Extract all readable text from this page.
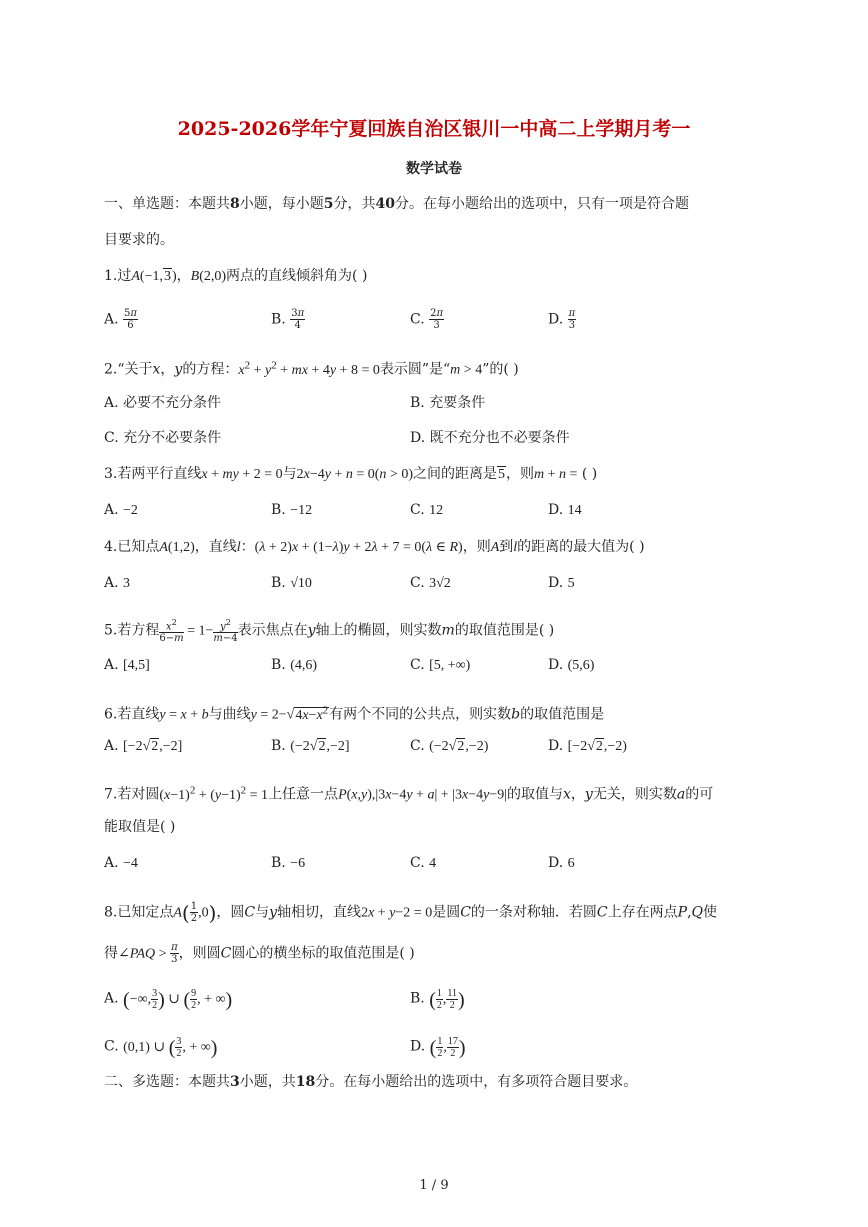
2025-2026学年宁夏回族自治区银川一中高二上学期月考一
数学试卷
一、单选题：本题共8小题，每小题5分，共40分。在每小题给出的选项中，只有一项是符合题
目要求的。
1.过A(−1,3)，B(2,0)两点的直线倾斜角为( )
A. $\frac{5\pi}{6}$	B. $\frac{3\pi}{4}$	C. $\frac{2\pi}{3}$	D. $\frac{\pi}{3}$
2.“关于x，y的方程：$x^2 + y^2$ + mx + 4y + 8 = 0表示圆”是“m > 4”的( )
A. 必要不充分条件	B. 充要条件
C. 充分不必要条件	D. 既不充分也不必要条件
3.若两平行直线x + my + 2 = 0与2x−4y + n = 0(n > 0)之间的距离是5，则m + n = ( )
A. −2	B. −12	C. 12	D. 14
4.已知点A(1,2)，直线l：(λ + 2)x + (1−λ)y + 2λ + 7 = 0(λ ∈ R)，则A到l的距离的最大值为( )
A. 3	B. √10	C. 3√2	D. 5
5.若方程 $\frac{x^2}{6-m} = 1- \frac{y^2}{m-4}$ 表示焦点在y轴上的椭圆，则实数m的取值范围是( )
A. [4,5]	B. (4,6)	C. [5, +∞)	D. (5,6)
6.若直线y = x + b与曲线$y = 2-√4x-x^2$有两个不同的公共点，则实数b的取值范围是
A. [−2√2,−2]	B. (−2√2,−2]	C. (−2√2,−2)	D. [−2√2,−2)
7.若对圆$(x-1)^2 + (y-1)^2 = 1$上任意一点P(x,y),|3x−4y + a| + |3x−4y−9|的取值与x，y无关，则实数a的可
能取值是( )
A. −4	B. −6	C. 4	D. 6
8.已知定点$A( \frac{1}{2} ,0)$，圆C与y轴相切，直线2x + y−2 = 0是圆C的一条对称轴．若圆C上存在两点P,Q使
得∠PAQ > $\frac{\pi}{3}$ ，则圆C圆心的横坐标的取值范围是( )
A. (−∞, $\frac{3}{2}$ ) ∪ ( $\frac{9}{2}$ , + ∞)	B. ( $\frac{1}{2}$ , $\frac{11}{2}$ )
C. (0,1) ∪ ( $\frac{3}{2}$ , + ∞)	D. ( $\frac{1}{2}$ , $\frac{17}{2}$ )
二、多选题：本题共3小题，共18分。在每小题给出的选项中，有多项符合题目要求。
1 / 9
